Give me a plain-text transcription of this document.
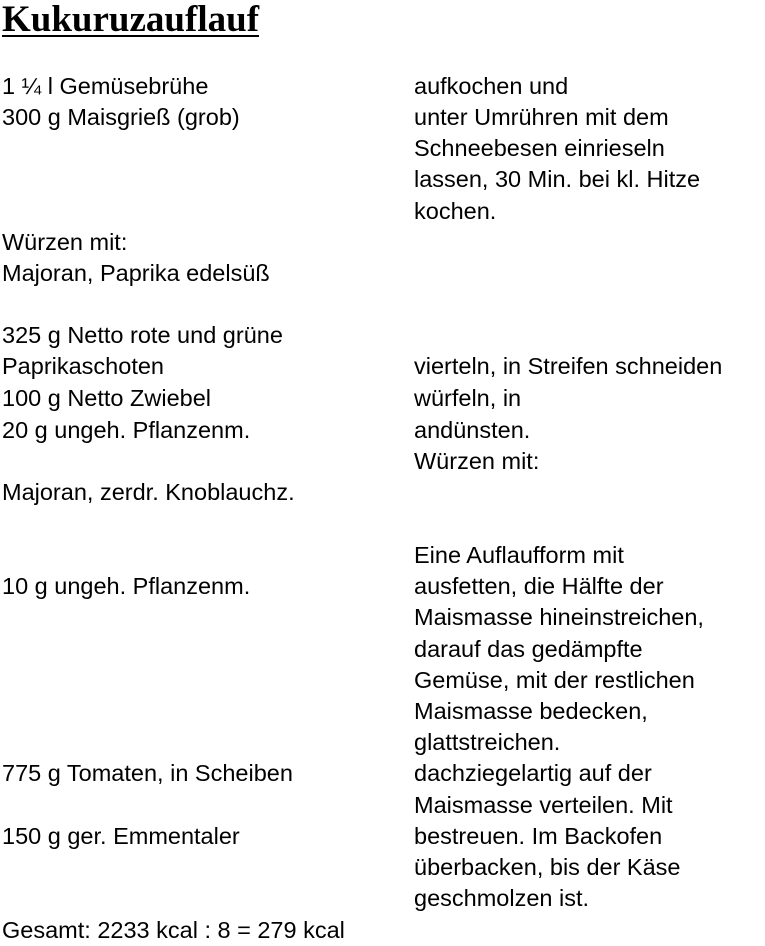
Kukuruzauflauf
1 ¼ l Gemüsebrühe
300 g Maisgrieß (grob)
Würzen mit:
Majoran, Paprika edelsüß
325 g Netto rote und grüne
Paprikaschoten
100 g Netto Zwiebel
20 g ungeh. Pflanzenm.
Majoran, zerdr. Knoblauchz.
10 g ungeh. Pflanzenm.
775 g Tomaten, in Scheiben
150 g ger. Emmentaler
Gesamt: 2233 kcal : 8 = 279 kcal
aufkochen und
unter Umrühren mit dem
Schneebesen einrieseln
lassen, 30 Min. bei kl. Hitze
kochen.
vierteln, in Streifen schneiden
würfeln, in
andünsten.
Würzen mit:
Eine Auflaufform mit
ausfetten, die Hälfte der
Maismasse hineinstreichen,
darauf das gedämpfte
Gemüse, mit der restlichen
Maismasse bedecken,
glattstreichen.
dachziegelartig auf der
Maismasse verteilen. Mit
bestreuen. Im Backofen
überbacken, bis der Käse
geschmolzen ist.
